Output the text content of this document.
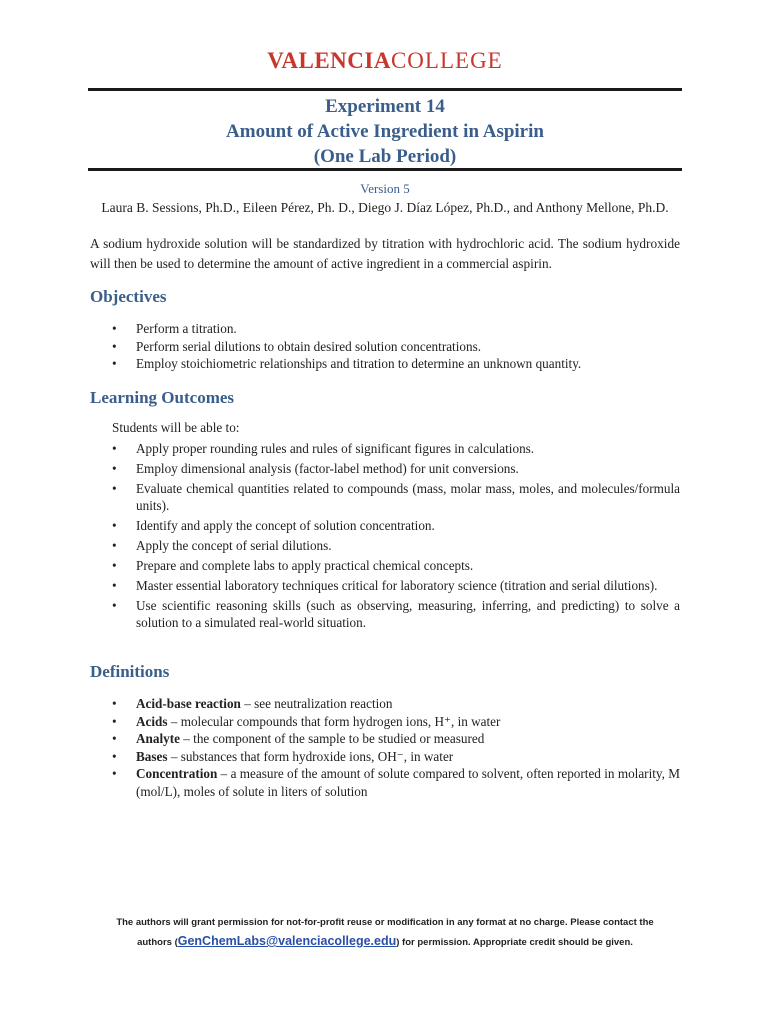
VALENCIACOLLEGE
Experiment 14
Amount of Active Ingredient in Aspirin
(One Lab Period)
Version 5
Laura B. Sessions, Ph.D., Eileen Pérez, Ph. D., Diego J. Díaz López, Ph.D., and Anthony Mellone, Ph.D.
A sodium hydroxide solution will be standardized by titration with hydrochloric acid. The sodium hydroxide will then be used to determine the amount of active ingredient in a commercial aspirin.
Objectives
• Perform a titration.
• Perform serial dilutions to obtain desired solution concentrations.
• Employ stoichiometric relationships and titration to determine an unknown quantity.
Learning Outcomes
Students will be able to:
• Apply proper rounding rules and rules of significant figures in calculations.
• Employ dimensional analysis (factor-label method) for unit conversions.
• Evaluate chemical quantities related to compounds (mass, molar mass, moles, and molecules/formula units).
• Identify and apply the concept of solution concentration.
• Apply the concept of serial dilutions.
• Prepare and complete labs to apply practical chemical concepts.
• Master essential laboratory techniques critical for laboratory science (titration and serial dilutions).
• Use scientific reasoning skills (such as observing, measuring, inferring, and predicting) to solve a solution to a simulated real-world situation.
Definitions
• Acid-base reaction – see neutralization reaction
• Acids – molecular compounds that form hydrogen ions, H⁺, in water
• Analyte – the component of the sample to be studied or measured
• Bases – substances that form hydroxide ions, OH⁻, in water
• Concentration – a measure of the amount of solute compared to solvent, often reported in molarity, M (mol/L), moles of solute in liters of solution
The authors will grant permission for not-for-profit reuse or modification in any format at no charge. Please contact the
authors (GenChemLabs@valenciacollege.edu) for permission. Appropriate credit should be given.
